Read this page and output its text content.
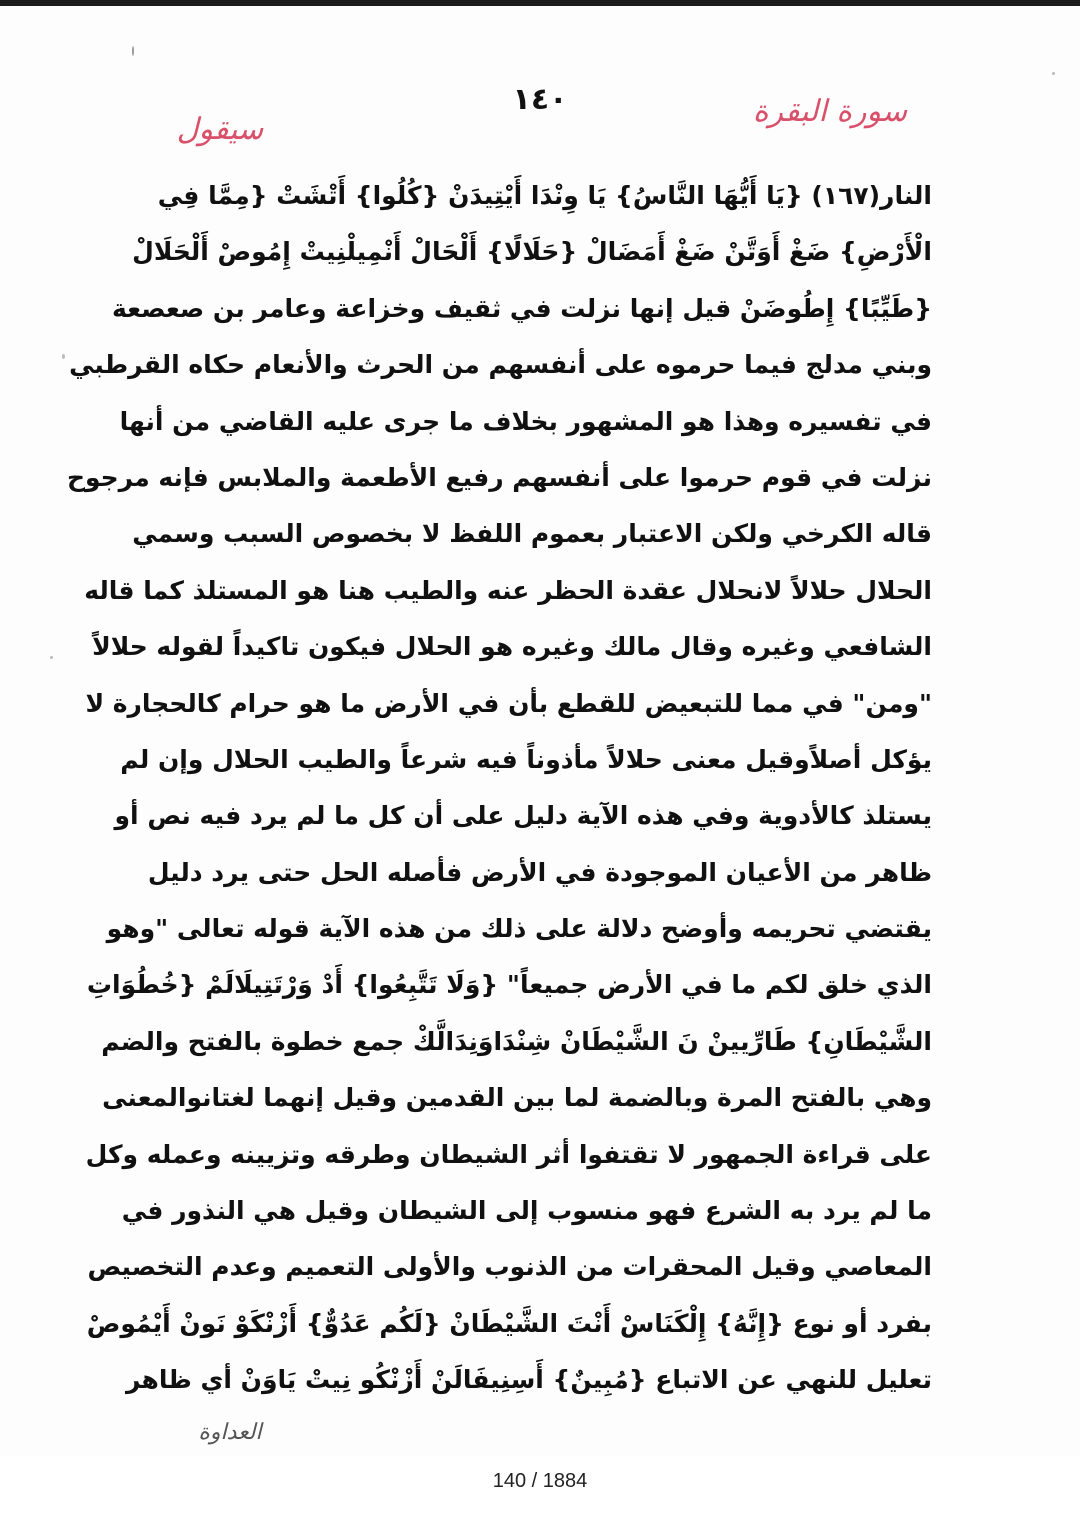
١٤٠	سورة البقرة
سيقول
النار(١٦٧) {يَا أَيُّهَا النَّاسُ} يَا وِنْدَا أَيْتِيدَنْ {كُلُوا} أَتْشَتْ {مِمَّا فِي
الْأَرْضِ} ضَغْ أَوَتَّنْ ضَغْ أَمَضَالْ {حَلَالًا} أَلْحَالْ أَنْمِيلْنِيتْ إِمُوصْ أَلْحَلَالْ
{طَيِّبًا} إِطُوضَنْ قيل إنها نزلت في ثقيف وخزاعة وعامر بن صعصعة
وبني مدلج فيما حرموه على أنفسهم من الحرث والأنعام حكاه القرطبي
في تفسيره وهذا هو المشهور بخلاف ما جرى عليه القاضي من أنها
نزلت في قوم حرموا على أنفسهم رفيع الأطعمة والملابس فإنه مرجوح
قاله الكرخي ولكن الاعتبار بعموم اللفظ لا بخصوص السبب وسمي
الحلال حلالاً لانحلال عقدة الحظر عنه والطيب هنا هو المستلذ كما قاله
الشافعي وغيره وقال مالك وغيره هو الحلال فيكون تاكيداً لقوله حلالاً
"ومن" في مما للتبعيض للقطع بأن في الأرض ما هو حرام كالحجارة لا
يؤكل أصلاًوقيل معنى حلالاً مأذوناً فيه شرعاً والطيب الحلال وإن لم
يستلذ كالأدوية وفي هذه الآية دليل على أن كل ما لم يرد فيه نص أو
ظاهر من الأعيان الموجودة في الأرض فأصله الحل حتى يرد دليل
يقتضي تحريمه وأوضح دلالة على ذلك من هذه الآية قوله تعالى "وهو
الذي خلق لكم ما في الأرض جميعاً" {وَلَا تَتَّبِعُوا} أَدْ وَرْتَتِيلَالَمْ {خُطُوَاتِ
الشَّيْطَانِ} طَارِّيينْ نَ الشَّيْطَانْ شِنْدَاوَنِدَالَّكْ جمع خطوة بالفتح والضم
وهي بالفتح المرة وبالضمة لما بين القدمين وقيل إنهما لغتانوالمعنى
على قراءة الجمهور لا تقتفوا أثر الشيطان وطرقه وتزيينه وعمله وكل
ما لم يرد به الشرع فهو منسوب إلى الشيطان وقيل هي النذور في
المعاصي وقيل المحقرات من الذنوب والأولى التعميم وعدم التخصيص
بفرد أو نوع {إِنَّهُ} إِلْكَنَاسْ أَنْتَ الشَّيْطَانْ {لَكُم عَدُوٌّ} أَزْنْكَوْ نَونْ أَيْمُوصْ
تعليل للنهي عن الاتباع {مُبِينٌ} أَسِنِيفَالَنْ أَزْنْكُو نِيتْ يَاوَنْ أي ظاهر
العداوة
140 / 1884
